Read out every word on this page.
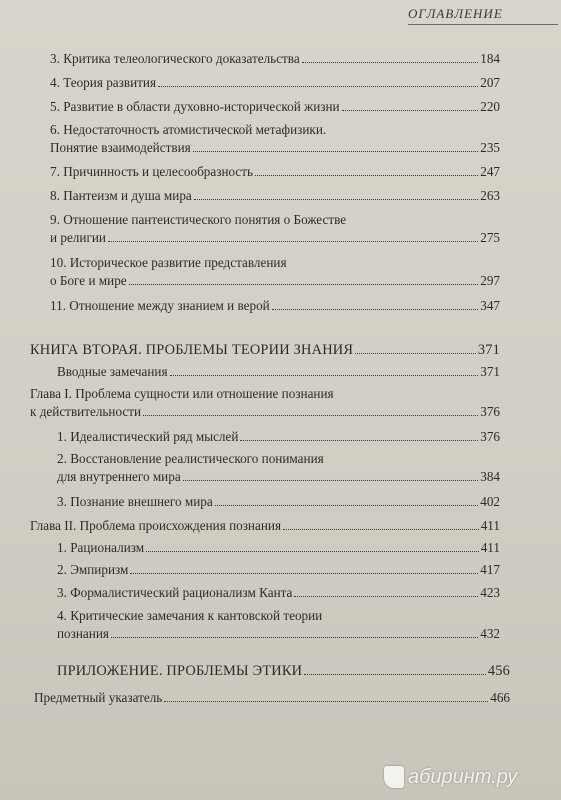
ОГЛАВЛЕНИЕ
3. Критика телеологического доказательства	184
4. Теория развития	207
5. Развитие в области духовно-исторической жизни	220
6. Недостаточность атомистической метафизики.
Понятие взаимодействия	235
7. Причинность и целесообразность	247
8. Пантеизм и душа мира	263
9. Отношение пантеистического понятия о Божестве
и религии	275
10. Историческое развитие представления
о Боге и мире	297
11. Отношение между знанием и верой	347
КНИГА ВТОРАЯ. ПРОБЛЕМЫ ТЕОРИИ ЗНАНИЯ	371
Вводные замечания	371
Глава I. Проблема сущности или отношение познания
к действительности	376
1. Идеалистический ряд мыслей	376
2. Восстановление реалистического понимания
для внутреннего мира	384
3. Познание внешнего мира	402
Глава II. Проблема происхождения познания	411
1. Рационализм	411
2. Эмпиризм	417
3. Формалистический рационализм Канта	423
4. Критические замечания к кантовской теории
познания	432
ПРИЛОЖЕНИЕ. ПРОБЛЕМЫ ЭТИКИ	456
Предметный указатель	466
абиринт.ру
